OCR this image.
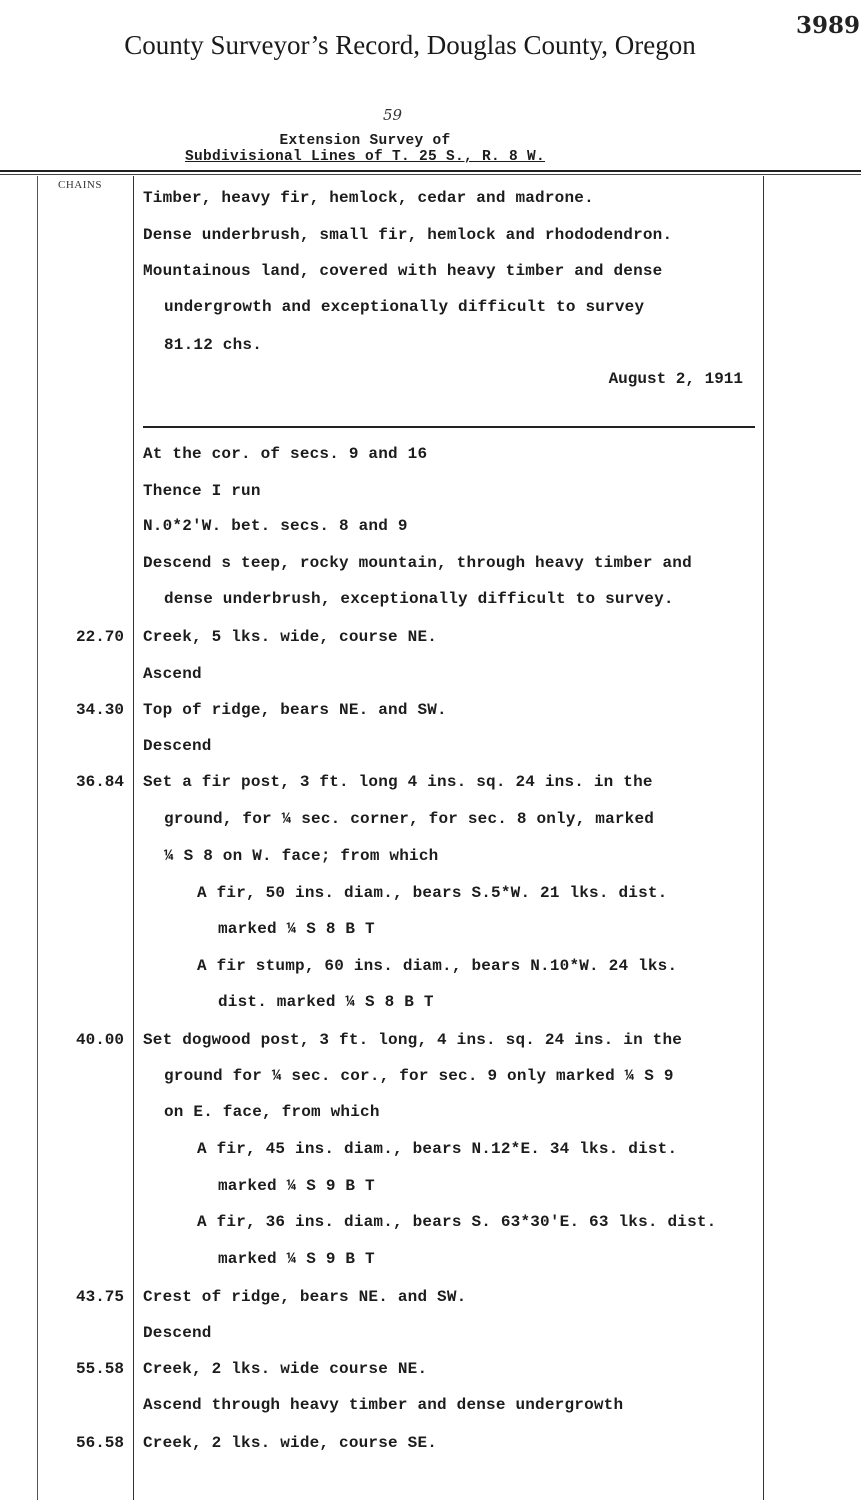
3989
County Surveyor’s Record, Douglas County, Oregon
59
Extension Survey of
Subdivisional Lines of T. 25 S., R. 8 W.
CHAINS
Timber, heavy fir, hemlock, cedar and madrone.
Dense underbrush, small fir, hemlock and rhododendron.
Mountainous land, covered with heavy timber and dense
undergrowth and exceptionally difficult to survey
81.12 chs.
August 2, 1911
22.70
34.30
36.84
40.00
43.75
55.58
56.58
At the cor. of secs. 9 and 16
Thence I run
N.0*2'W. bet. secs. 8 and 9
Descend s teep, rocky mountain, through heavy timber and
dense underbrush, exceptionally difficult to survey.
Creek, 5 lks. wide, course NE.
Ascend
Top of ridge, bears NE. and SW.
Descend
Set a fir post, 3 ft. long 4 ins. sq. 24 ins. in the
ground, for ¼ sec. corner, for sec. 8 only, marked
¼ S 8 on W. face; from which
A fir, 50 ins. diam., bears S.5*W. 21 lks. dist.
marked ¼ S 8 B T
A fir stump, 60 ins. diam., bears N.10*W. 24 lks.
dist. marked ¼ S 8 B T
Set dogwood post, 3 ft. long, 4 ins. sq. 24 ins. in the
ground for ¼ sec. cor., for sec. 9 only marked ¼ S 9
on E. face, from which
A fir, 45 ins. diam., bears N.12*E. 34 lks. dist.
marked ¼ S 9 B T
A fir, 36 ins. diam., bears S. 63*30'E. 63 lks. dist.
marked ¼ S 9 B T
Crest of ridge, bears NE. and SW.
Descend
Creek, 2 lks. wide course NE.
Ascend through heavy timber and dense undergrowth
Creek, 2 lks. wide, course SE.
